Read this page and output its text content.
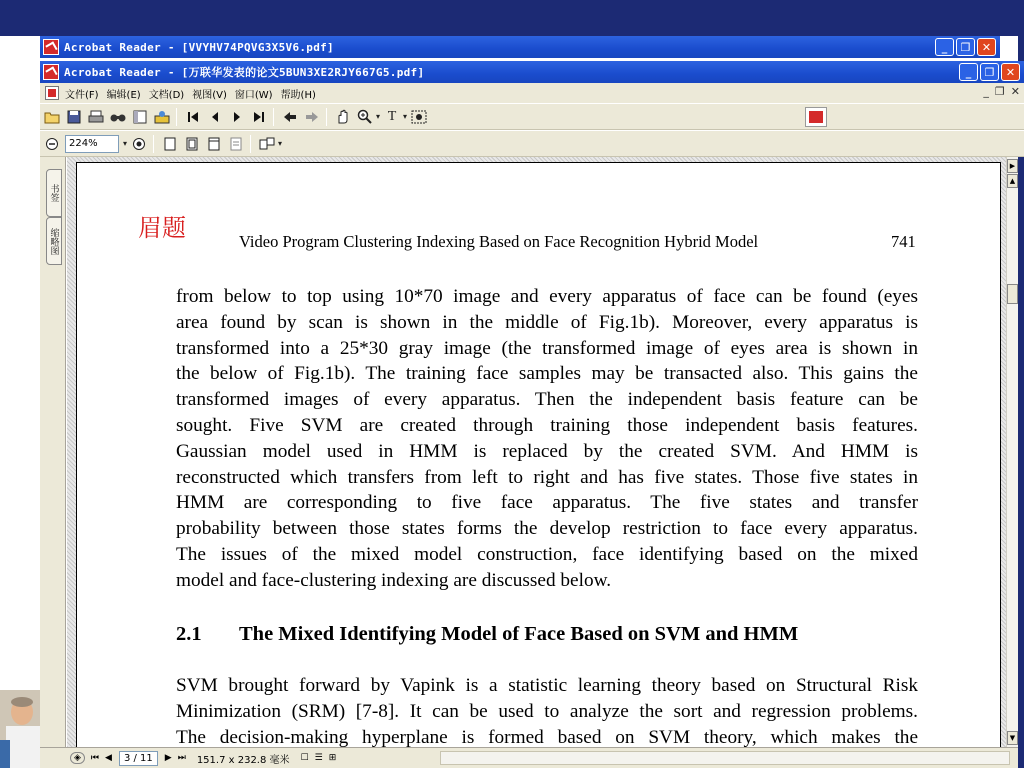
Acrobat Reader - [VVYHV74PQVG3X5V6.pdf]	_	❐	✕
Acrobat Reader - [万联华发表的论文5BUN3XE2RJY667G5.pdf]	_	❐	✕
文件(F) 编辑(E) 文档(D) 视图(V) 窗口(W) 帮助(H)	_ ❐ ✕
▾ T ▾
224%	▾	▾
书签
缩略图	眉题	Video Program Clustering Indexing Based on Face Recognition Hybrid Model	741
from below to top using 10*70 image and every apparatus of face can be found (eyes
area found by scan is shown in the middle of Fig.1b). Moreover, every apparatus is
transformed into a 25*30 gray image (the transformed image of eyes area is shown in
the below of Fig.1b). The training face samples may be transacted also. This gains the
transformed images of every apparatus. Then the independent basis feature can be
sought. Five SVM are created through training those independent basis features.
Gaussian model used in HMM is replaced by the created SVM. And HMM is
reconstructed which transfers from left to right and has five states. Those five states in
HMM are corresponding to five face apparatus. The five states and transfer
probability between those states forms the develop restriction to face every apparatus.
The issues of the mixed model construction, face identifying based on the mixed
model and face-clustering indexing are discussed below.
2.1 The Mixed Identifying Model of Face Based on SVM and HMM
SVM brought forward by Vapink is a statistic learning theory based on Structural Risk
Minimization (SRM) [7-8]. It can be used to analyze the sort and regression problems.
The decision-making hyperplane is formed based on SVM theory, which makes the
▶
▲
▼
◈	⏮ ◀	3 / 11	▶ ⏭ 151.7 x 232.8 毫米 ☐ ☰ ⊞
